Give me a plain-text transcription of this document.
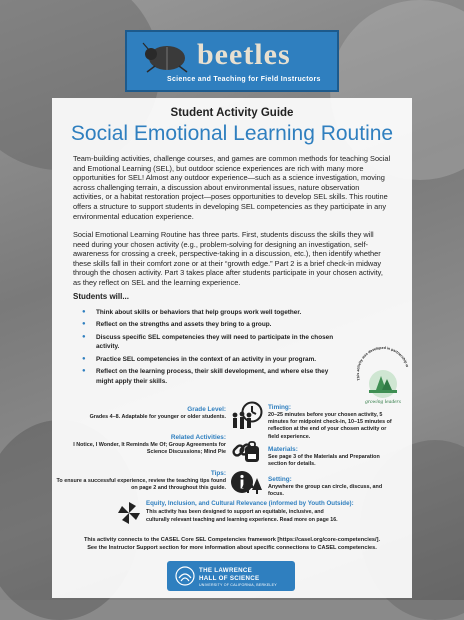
beetles
Science and Teaching for Field Instructors
Student Activity Guide
Social Emotional Learning Routine
Team-building activities, challenge courses, and games are common methods for teaching Social and Emotional Learning (SEL), but outdoor science experiences are rich with many more opportunities for SEL! Almost any outdoor experience—such as a science investigation, moving across challenging terrain, a discussion about environmental issues, nature observation activities, or a habitat restoration project—poses opportunities to develop SEL skills. This routine offers a structure to support students in developing SEL competencies as they participate in any environmental education experience.
Social Emotional Learning Routine has three parts. First, students discuss the skills they will need during your chosen activity (e.g., problem-solving for designing an investigation, self-awareness for crossing a creek, perspective-taking in a discussion, etc.), then identify whether these skills fall in their comfort zone or at their “growth edge.” Part 2 is a brief check-in midway through the chosen activity. Part 3 takes place after students participate in your chosen activity, as they reflect on SEL and the learning experience.
Students will...
● Think about skills or behaviors that help groups work well together.
● Reflect on the strengths and assets they bring to a group.
● Discuss specific SEL competencies they will need to participate in the chosen activity.
● Practice SEL competencies in the context of an activity in your program.
● Reflect on the learning process, their skill development, and where else they might apply their skills.	This activity was developed in partnership w
growing leaders
Grade Level:
Grades 4–8. Adaptable for younger or older students.
Related Activities:
I Notice, I Wonder, It Reminds Me Of; Group Agreements for Science Discussions; Mind Pie
Tips:
To ensure a successful experience, review the teaching tips found on page 2 and throughout this guide.
Timing:
20–25 minutes before your chosen activity, 5 minutes for midpoint check-in, 10–15 minutes of reflection at the end of your chosen activity or field experience.
Materials:
See page 3 of the Materials and Preparation section for details.
Setting:
Anywhere the group can circle, discuss, and focus.
Equity, Inclusion, and Cultural Relevance (informed by Youth Outside):
This activity has been designed to support an equitable, inclusive, and culturally relevant teaching and learning experience. Read more on page 16.
This activity connects to the CASEL Core SEL Competencies framework [https://casel.org/core-competencies/].
See the Instructor Support section for more information about specific connections to CASEL competencies.
THE LAWRENCE
HALL OF SCIENCE
UNIVERSITY OF CALIFORNIA, BERKELEY
